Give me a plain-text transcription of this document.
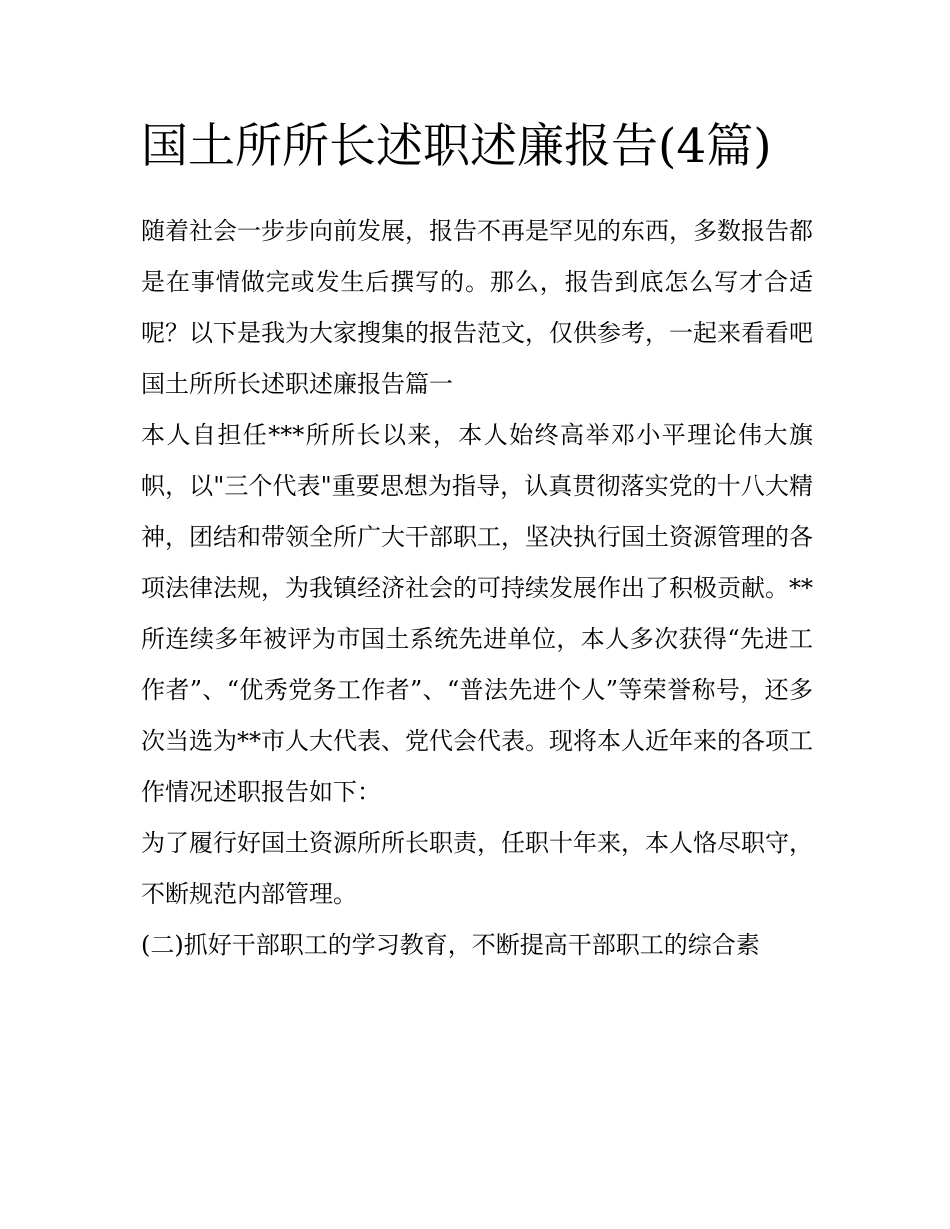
国土所所长述职述廉报告(4篇)

随着社会一步步向前发展，报告不再是罕见的东西，多数报告都是在事情做完或发生后撰写的。那么，报告到底怎么写才合适呢？以下是我为大家搜集的报告范文，仅供参考，一起来看看吧

国土所所长述职述廉报告篇一

本人自担任***所所长以来，本人始终高举邓小平理论伟大旗帜，以"三个代表"重要思想为指导，认真贯彻落实党的十八大精神，团结和带领全所广大干部职工，坚决执行国土资源管理的各项法律法规，为我镇经济社会的可持续发展作出了积极贡献。**所连续多年被评为市国土系统先进单位，本人多次获得“先进工作者”、“优秀党务工作者”、“普法先进个人”等荣誉称号，还多次当选为**市人大代表、党代会代表。现将本人近年来的各项工作情况述职报告如下：

为了履行好国土资源所所长职责，任职十年来，本人恪尽职守，不断规范内部管理。

(二)抓好干部职工的学习教育，不断提高干部职工的综合素
